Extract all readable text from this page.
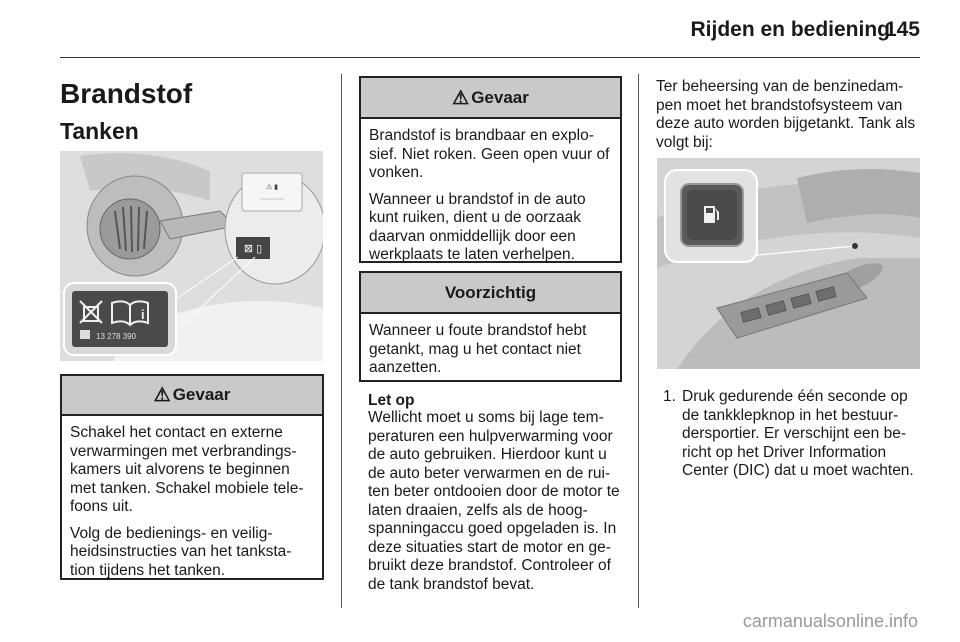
Rijden en bediening
145
Brandstof
Tanken
⚠ ▮
~~~~~~~~
⊠ ▯
i
13 278 390
⚠ Gevaar

Schakel het contact en externe verwarmingen met verbrandings-kamers uit alvorens te beginnen met tanken. Schakel mobiele tele-foons uit.

Volg de bedienings- en veilig-heidsinstructies van het tanksta-tion tijdens het tanken.

⚠ Gevaar

Brandstof is brandbaar en explo-sief. Niet roken. Geen open vuur of vonken.

Wanneer u brandstof in de auto kunt ruiken, dient u de oorzaak daarvan onmiddellijk door een werkplaats te laten verhelpen.

Voorzichtig
Wanneer u foute brandstof hebt getankt, mag u het contact niet aanzetten.
Let op
Wellicht moet u soms bij lage tem-peraturen een hulpverwarming voor de auto gebruiken. Hierdoor kunt u de auto beter verwarmen en de rui-ten beter ontdooien door de motor te laten draaien, zelfs als de hoog-spanningaccu goed opgeladen is. In deze situaties start de motor en ge-bruikt deze brandstof. Controleer of de tank brandstof bevat.
Ter beheersing van de benzinedam-pen moet het brandstofsysteem van deze auto worden bijgetankt. Tank als volgt bij:
1. Druk gedurende één seconde op de tankklepknop in het bestuur-dersportier. Er verschijnt een be-richt op het Driver Information Center (DIC) dat u moet wachten.
carmanualsonline.info
